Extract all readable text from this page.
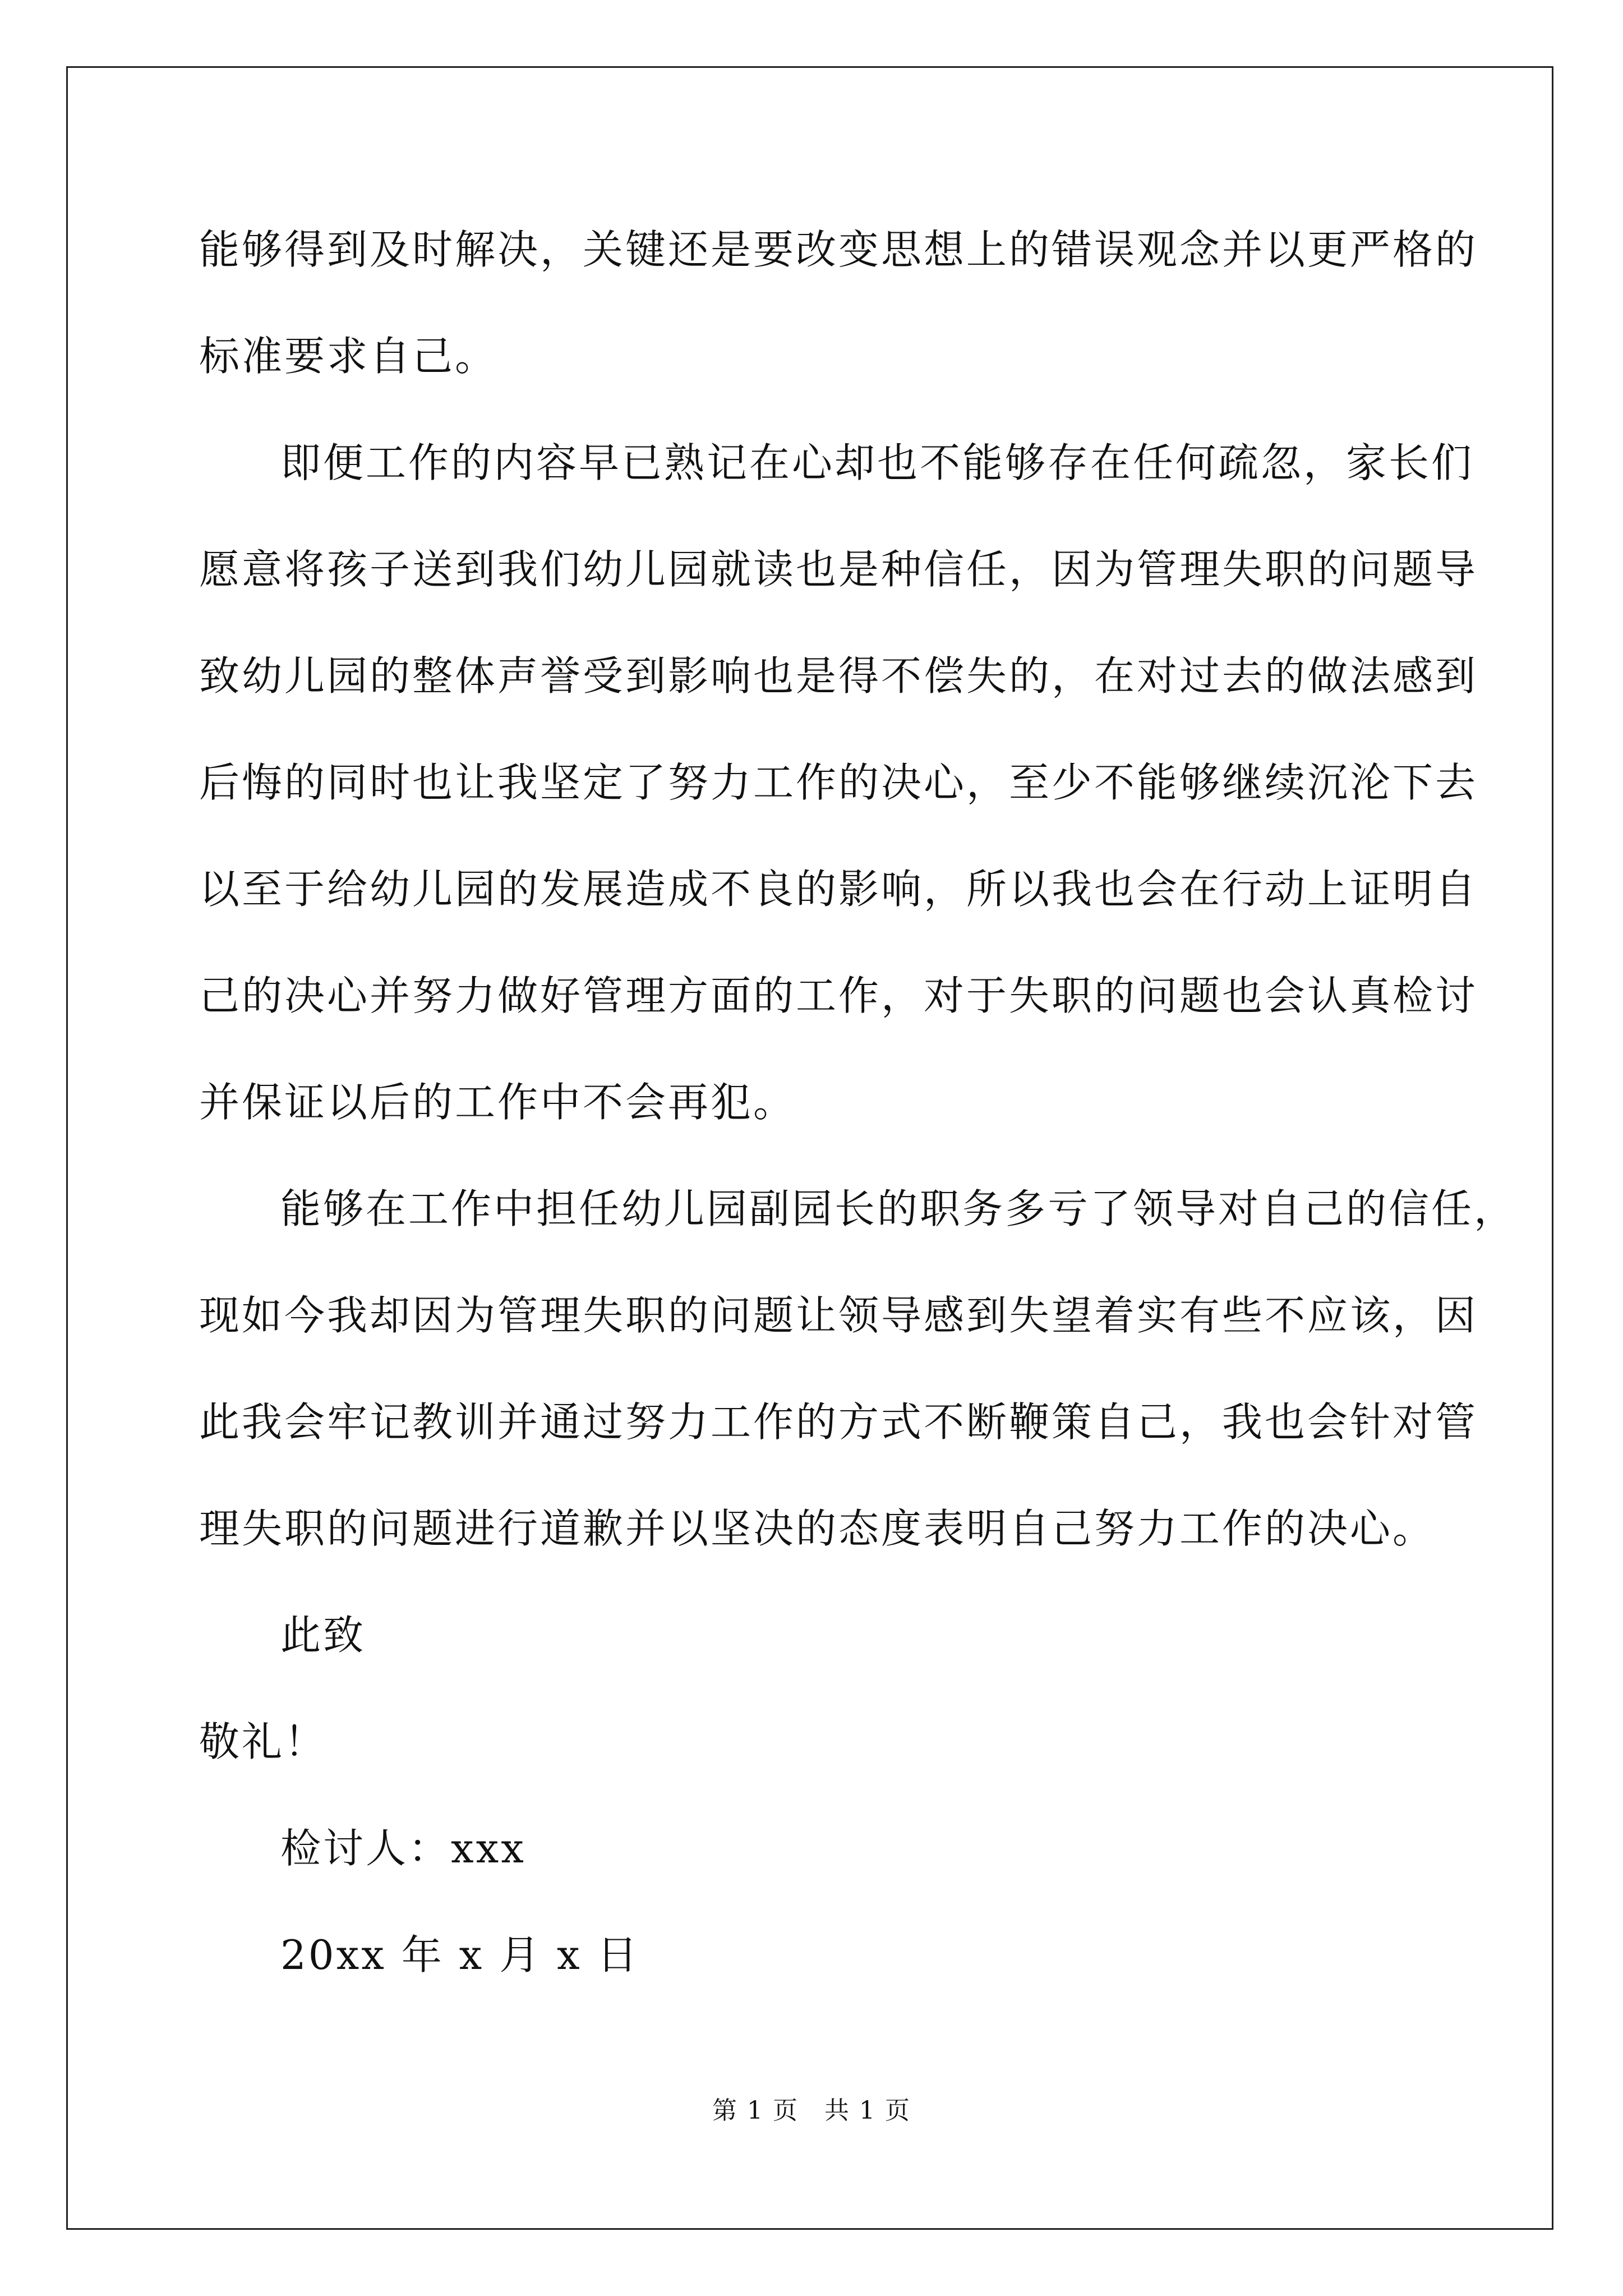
能够得到及时解决，关键还是要改变思想上的错误观念并以更严格的
标准要求自己。
即便工作的内容早已熟记在心却也不能够存在任何疏忽，家长们
愿意将孩子送到我们幼儿园就读也是种信任，因为管理失职的问题导
致幼儿园的整体声誉受到影响也是得不偿失的，在对过去的做法感到
后悔的同时也让我坚定了努力工作的决心，至少不能够继续沉沦下去
以至于给幼儿园的发展造成不良的影响，所以我也会在行动上证明自
己的决心并努力做好管理方面的工作，对于失职的问题也会认真检讨
并保证以后的工作中不会再犯。
能够在工作中担任幼儿园副园长的职务多亏了领导对自己的信任，
现如今我却因为管理失职的问题让领导感到失望着实有些不应该，因
此我会牢记教训并通过努力工作的方式不断鞭策自己，我也会针对管
理失职的问题进行道歉并以坚决的态度表明自己努力工作的决心。
此致
敬礼！
检讨人：xxx
20xx 年 x 月 x 日
第 1 页　共 1 页
